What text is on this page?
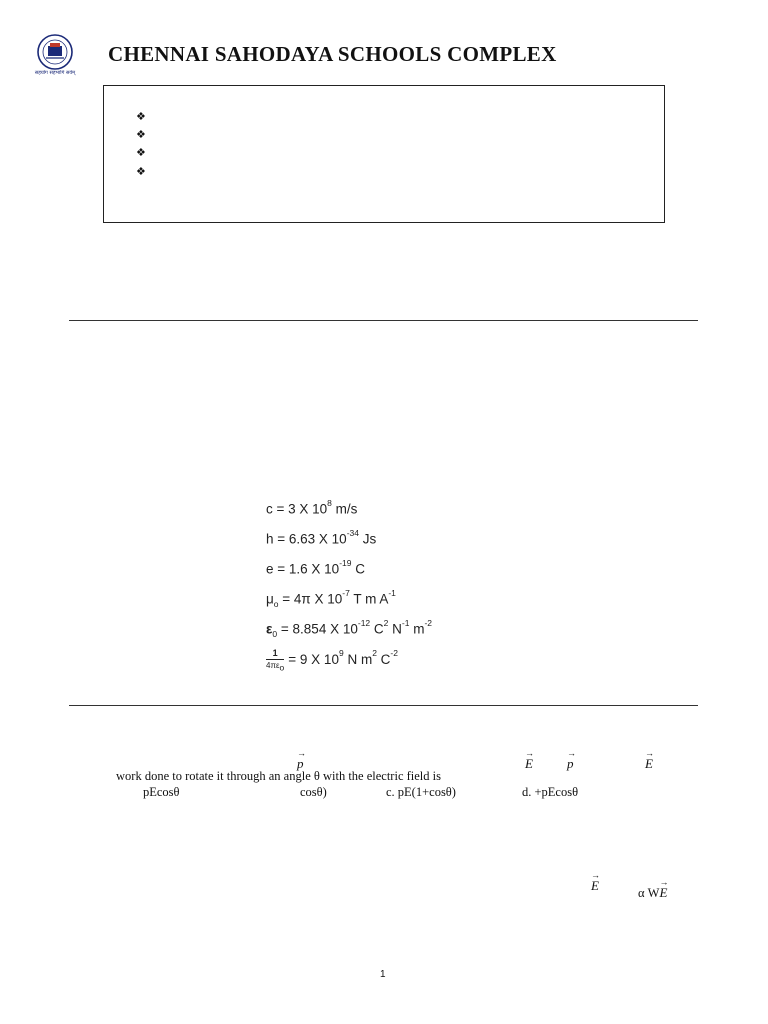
सहयोग सहभागि सर्वम्
CHENNAI SAHODAYA SCHOOLS COMPLEX
❖
❖
❖
❖
c = 3 X $10^8$ m/s
h = 6.63 X $10^{-34}$ Js
e = 1.6 X $10^{-19}$ C
$\mu_o = 4\pi$ X $10^{-7}$ T m $A^{-1}$
$\varepsilon_0 = 8.854$ X $10^{-12}$ $C^2$ $N^{-1}$ $m^{-2}$
$\frac{1}{4\pi\varepsilon_o} = 9$ X $10^9$ N $m^2$ $C^{-2}$
→
p
→
E
→
p
→
E
work done to rotate it through an angle θ with the electric field is
pEcosθ	cosθ)	c. pE(1+cosθ)	d. +pEcosθ
→
E	α W
→
E
1
